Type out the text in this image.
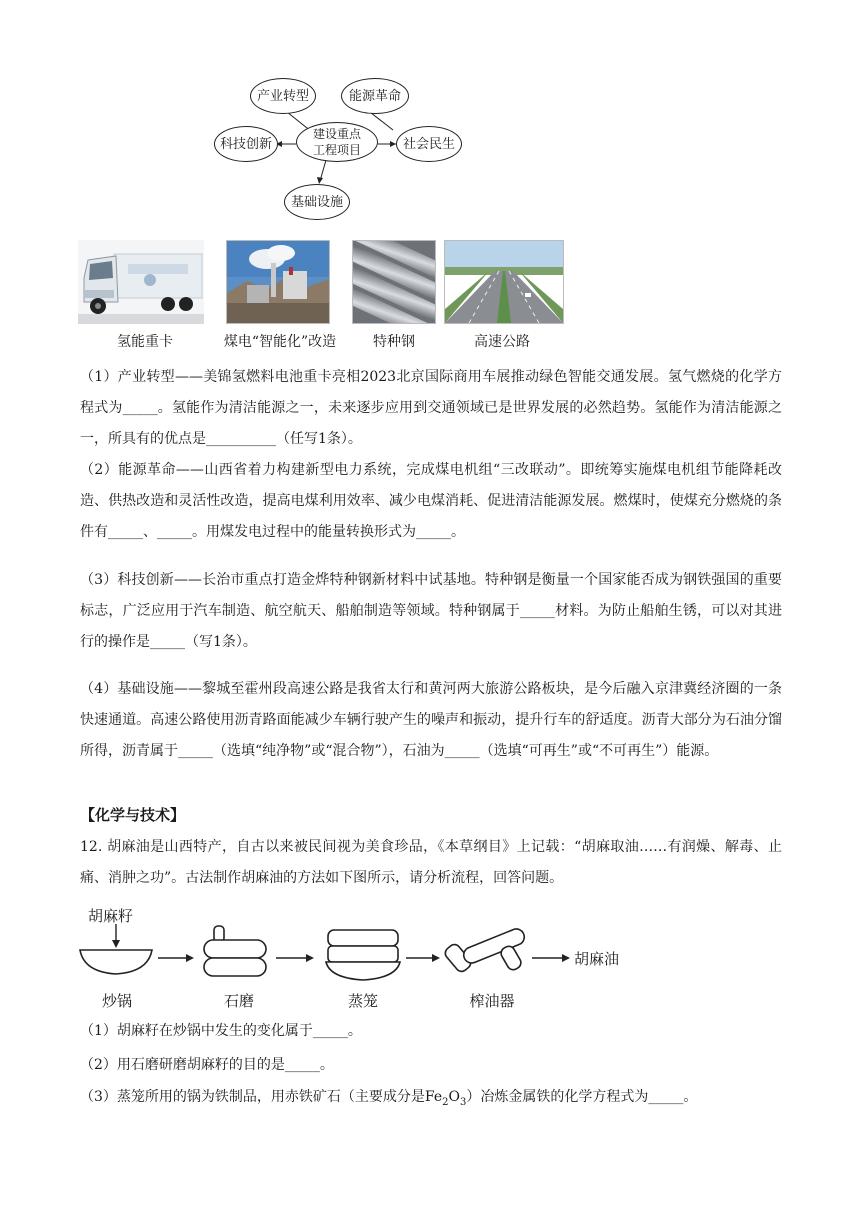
产业转型	能源革命
科技创新
建设重点工程项目	社会民生
基础设施
氢能重卡	煤电“智能化”改造	特种钢	高速公路

（1）产业转型——美锦氢燃料电池重卡亮相2023北京国际商用车展推动绿色智能交通发展。氢气燃烧的化学方程式为_____。氢能作为清洁能源之一，未来逐步应用到交通领域已是世界发展的必然趋势。氢能作为清洁能源之一，所具有的优点是__________（任写1条）。

（2）能源革命——山西省着力构建新型电力系统，完成煤电机组“三改联动”。即统筹实施煤电机组节能降耗改造、供热改造和灵活性改造，提高电煤利用效率、减少电煤消耗、促进清洁能源发展。燃煤时，使煤充分燃烧的条件有_____、_____。用煤发电过程中的能量转换形式为_____。

（3）科技创新——长治市重点打造金烨特种钢新材料中试基地。特种钢是衡量一个国家能否成为钢铁强国的重要标志，广泛应用于汽车制造、航空航天、船舶制造等领域。特种钢属于_____材料。为防止船舶生锈，可以对其进行的操作是_____（写1条）。

（4）基础设施——黎城至霍州段高速公路是我省太行和黄河两大旅游公路板块，是今后融入京津冀经济圈的一条快速通道。高速公路使用沥青路面能减少车辆行驶产生的噪声和振动，提升行车的舒适度。沥青大部分为石油分馏所得，沥青属于_____（选填“纯净物”或“混合物”），石油为_____（选填“可再生”或“不可再生”）能源。

【化学与技术】

12. 胡麻油是山西特产，自古以来被民间视为美食珍品，《本草纲目》上记载：“胡麻取油……有润燥、解毒、止痛、消肿之功”。古法制作胡麻油的方法如下图所示，请分析流程，回答问题。

胡麻籽
胡麻油
炒锅	石磨	蒸笼	榨油器

（1）胡麻籽在炒锅中发生的变化属于_____。

（2）用石磨研磨胡麻籽的目的是_____。

（3）蒸笼所用的锅为铁制品，用赤铁矿石（主要成分是$Fe_2O_3$）冶炼金属铁的化学方程式为_____。
